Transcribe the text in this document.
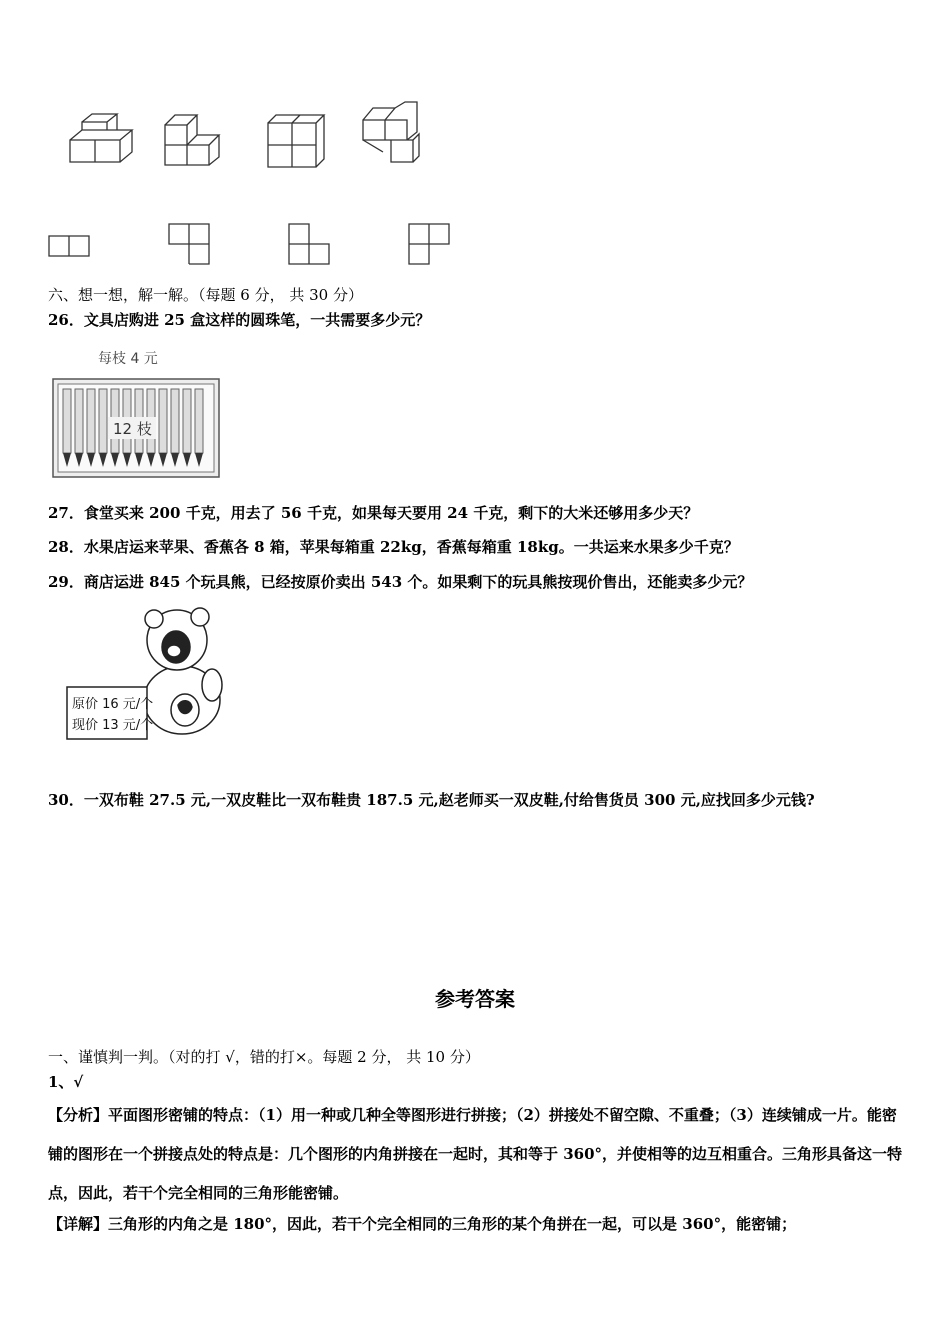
六、想一想，解一解。（每题 6 分， 共 30 分）
26．文具店购进 25 盒这样的圆珠笔，一共需要多少元？
每枝 4 元
12 枝
27．食堂买来 200 千克，用去了 56 千克，如果每天要用 24 千克，剩下的大米还够用多少天？
28．水果店运来苹果、香蕉各 8 箱，苹果每箱重 22kg，香蕉每箱重 18kg。一共运来水果多少千克？
29．商店运进 845 个玩具熊，已经按原价卖出 543 个。如果剩下的玩具熊按现价售出，还能卖多少元？
原价 16 元/个
现价 13 元/个
30．一双布鞋 27.5 元,一双皮鞋比一双布鞋贵 187.5 元,赵老师买一双皮鞋,付给售货员 300 元,应找回多少元钱?
参考答案
一、谨慎判一判。（对的打 √，错的打×。每题 2 分， 共 10 分）
1、√
【分析】平面图形密铺的特点：（1）用一种或几种全等图形进行拼接；（2）拼接处不留空隙、不重叠；（3）连续铺成一片。能密铺的图形在一个拼接点处的特点是：几个图形的内角拼接在一起时，其和等于 360°，并使相等的边互相重合。三角形具备这一特点，因此，若干个完全相同的三角形能密铺。
【详解】三角形的内角之是 180°，因此，若干个完全相同的三角形的某个角拼在一起，可以是 360°，能密铺；
